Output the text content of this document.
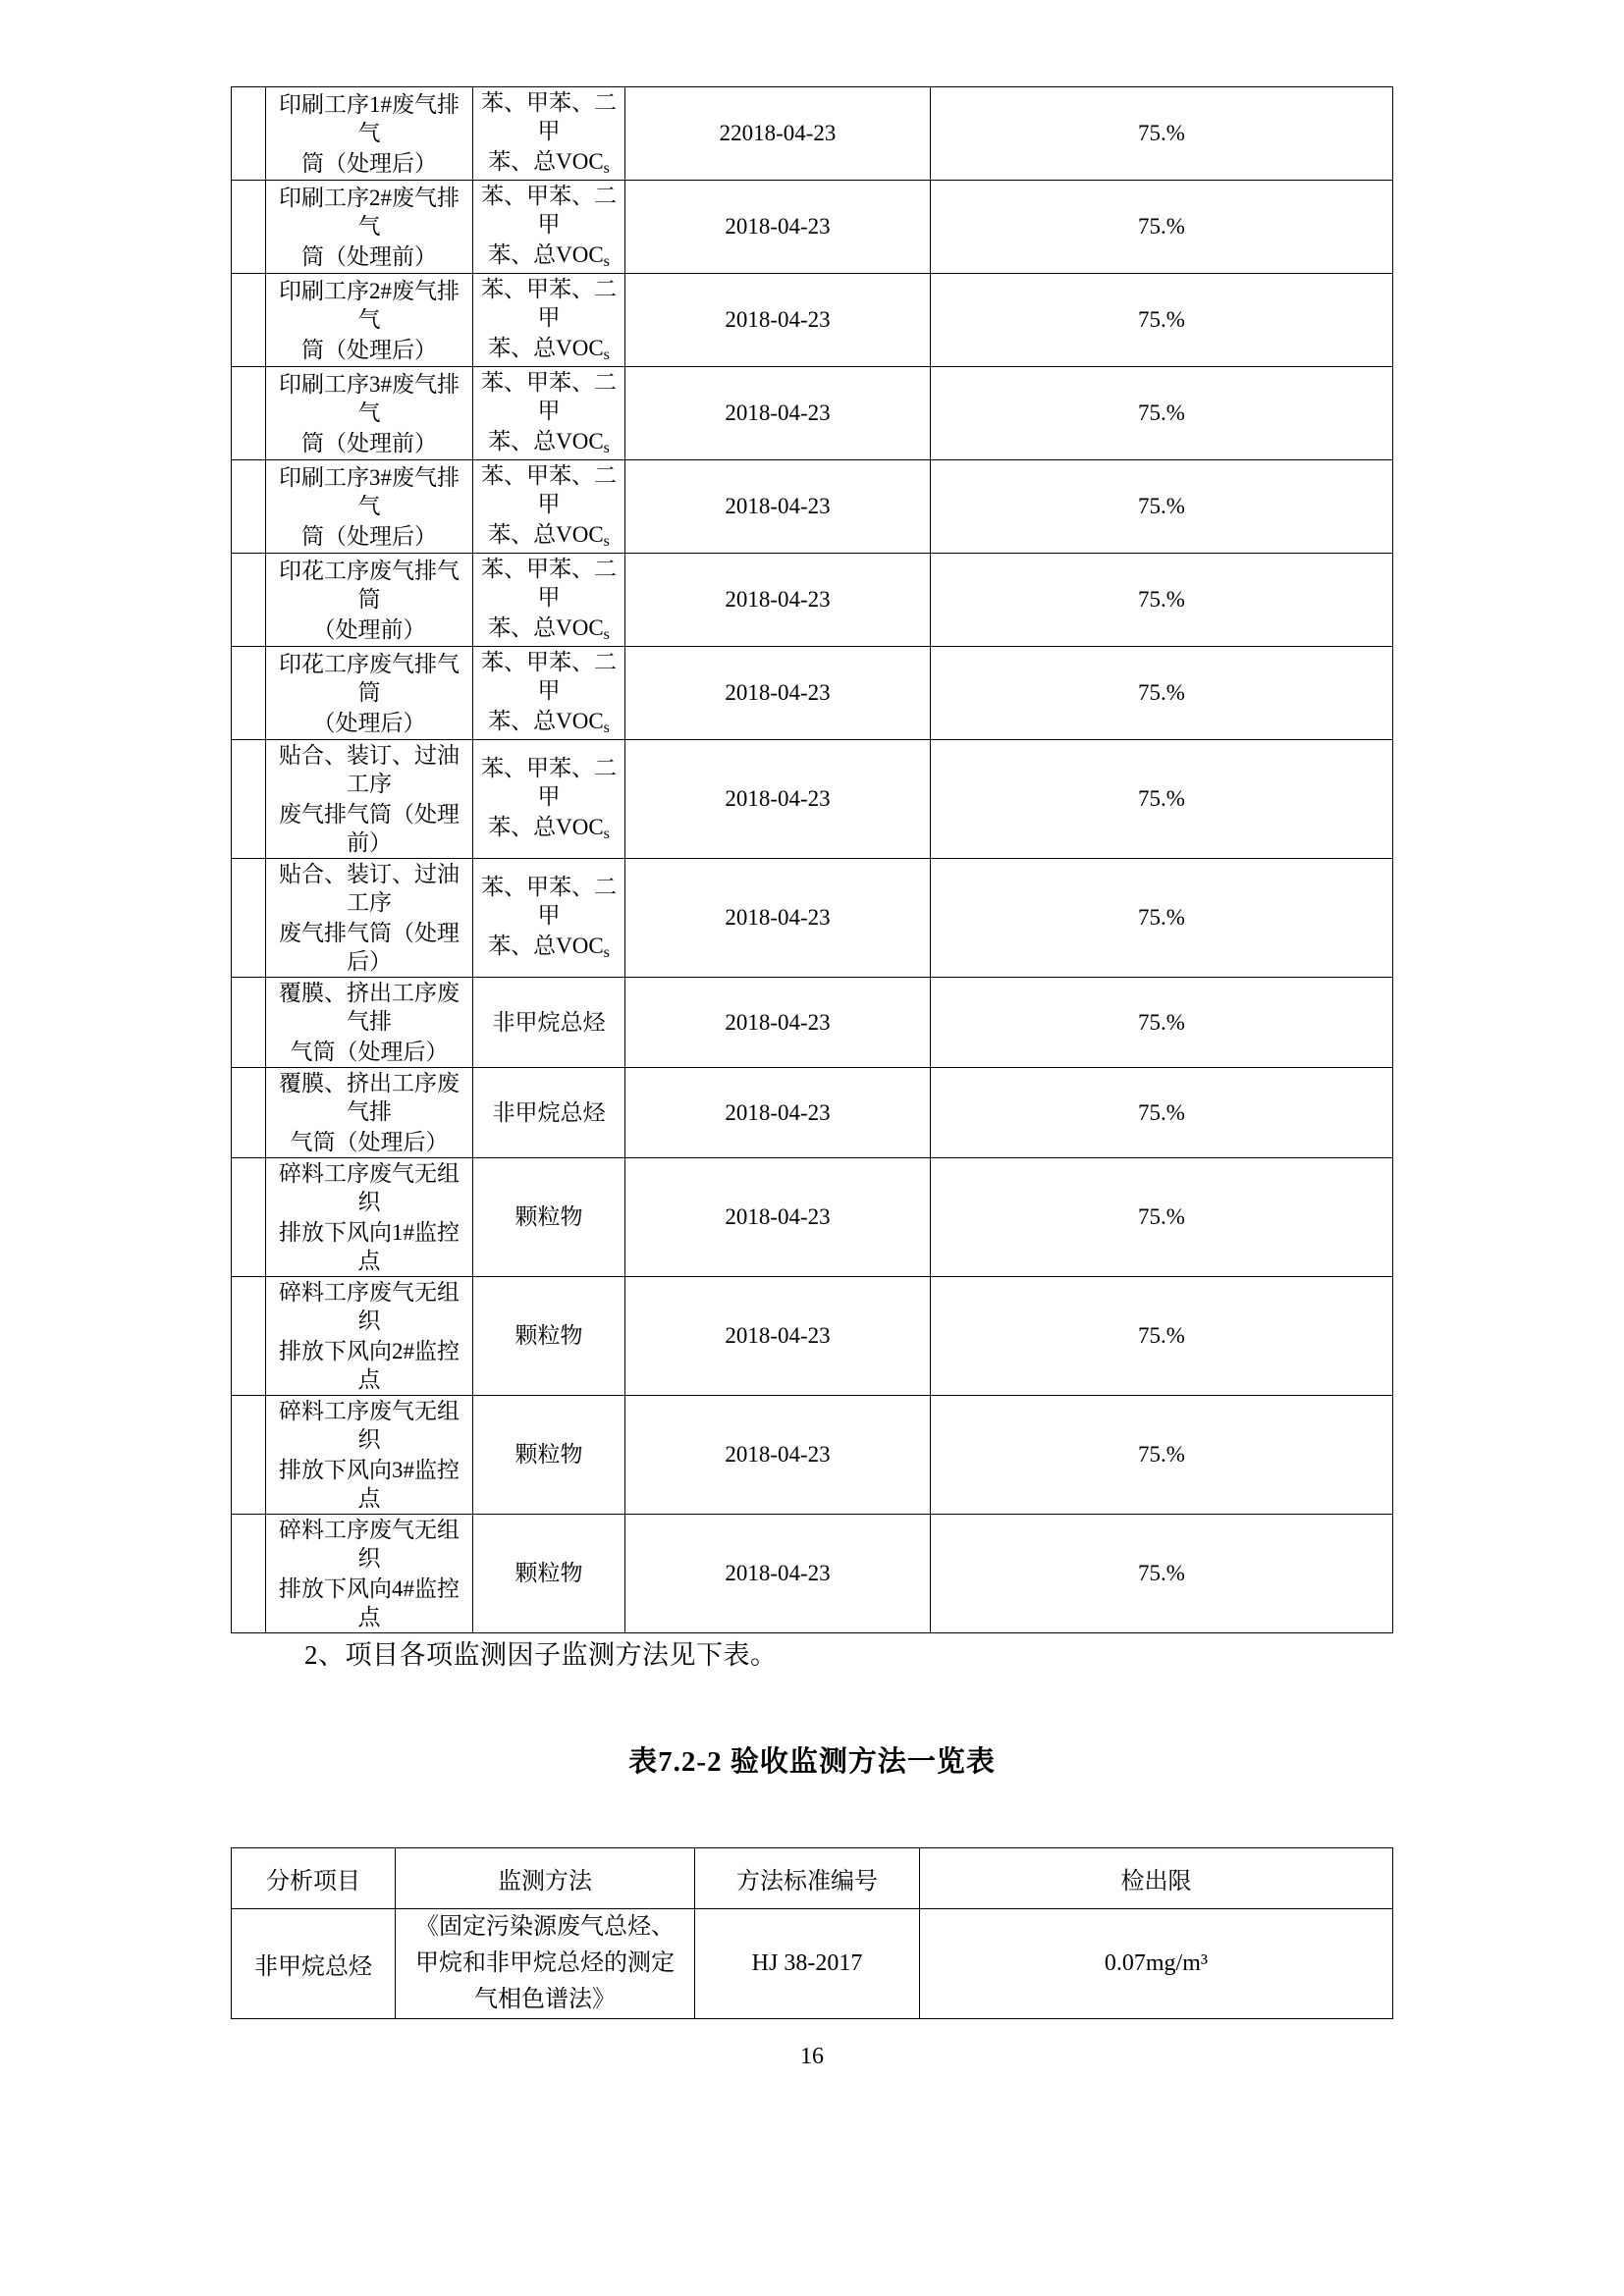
	印刷工序1#废气排气
筒（处理后）	苯、甲苯、二甲
苯、总VOCs	22018-04-23	75.%

	印刷工序2#废气排气
筒（处理前）	苯、甲苯、二甲
苯、总VOCs	2018-04-23	75.%

	印刷工序2#废气排气
筒（处理后）	苯、甲苯、二甲
苯、总VOCs	2018-04-23	75.%

	印刷工序3#废气排气
筒（处理前）	苯、甲苯、二甲
苯、总VOCs	2018-04-23	75.%

	印刷工序3#废气排气
筒（处理后）	苯、甲苯、二甲
苯、总VOCs	2018-04-23	75.%

	印花工序废气排气筒
（处理前）	苯、甲苯、二甲
苯、总VOCs	2018-04-23	75.%

	印花工序废气排气筒
（处理后）	苯、甲苯、二甲
苯、总VOCs	2018-04-23	75.%

	贴合、装订、过油工序
废气排气筒（处理前）	苯、甲苯、二甲
苯、总VOCs	2018-04-23	75.%

	贴合、装订、过油工序
废气排气筒（处理后）	苯、甲苯、二甲
苯、总VOCs	2018-04-23	75.%

	覆膜、挤出工序废气排
气筒（处理后）	非甲烷总烃	2018-04-23	75.%

	覆膜、挤出工序废气排
气筒（处理后）	非甲烷总烃	2018-04-23	75.%

	碎料工序废气无组织
排放下风向1#监控点	颗粒物	2018-04-23	75.%

	碎料工序废气无组织
排放下风向2#监控点	颗粒物	2018-04-23	75.%

	碎料工序废气无组织
排放下风向3#监控点	颗粒物	2018-04-23	75.%

	碎料工序废气无组织
排放下风向4#监控点	颗粒物	2018-04-23	75.%
2、项目各项监测因子监测方法见下表。
表7.2-2 验收监测方法一览表
分析项目	监测方法	方法标准编号	检出限
非甲烷总烃	《固定污染源废气总烃、
甲烷和非甲烷总烃的测定
气相色谱法》	HJ 38-2017	0.07mg/m³
16
